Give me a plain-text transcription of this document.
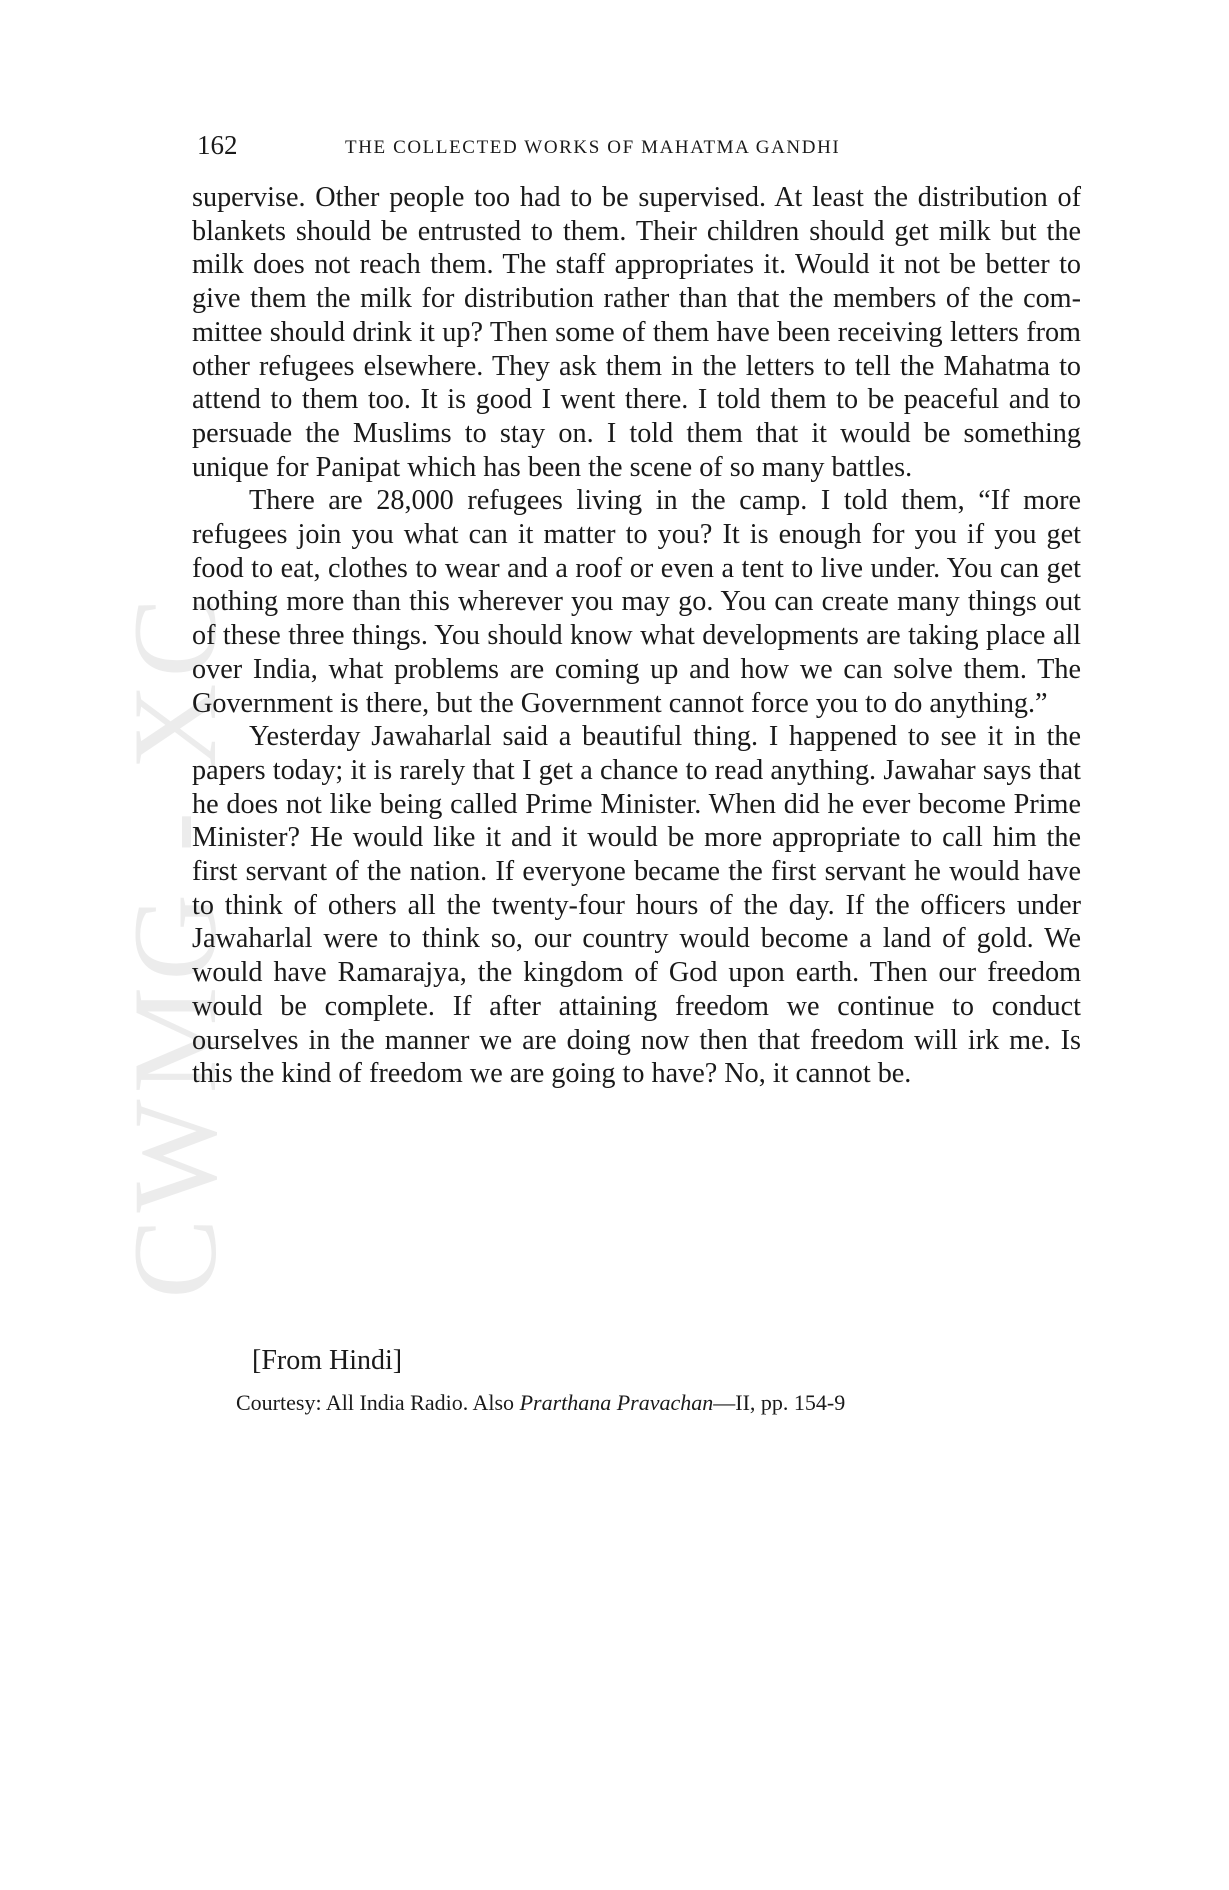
CWMG - XC
162	THE COLLECTED WORKS OF MAHATMA GANDHI

supervise. Other people too had to be supervised. At least the distribution of blankets should be entrusted to them. Their children should get milk but the milk does not reach them. The staff appropriates it. Would it not be better to give them the milk for distribution rather than that the members of the committee should drink it up? Then some of them have been receiving letters from other refugees elsewhere. They ask them in the letters to tell the Mahatma to attend to them too. It is good I went there. I told them to be peaceful and to persuade the Muslims to stay on. I told them that it would be something unique for Panipat which has been the scene of so many battles.

There are 28,000 refugees living in the camp. I told them, “If more refugees join you what can it matter to you? It is enough for you if you get food to eat, clothes to wear and a roof or even a tent to live under. You can get nothing more than this wherever you may go. You can create many things out of these three things. You should know what developments are taking place all over India, what problems are coming up and how we can solve them. The Government is there, but the Government cannot force you to do anything.”

Yesterday Jawaharlal said a beautiful thing. I happened to see it in the papers today; it is rarely that I get a chance to read anything. Jawahar says that he does not like being called Prime Minister. When did he ever become Prime Minister? He would like it and it would be more appropriate to call him the first servant of the nation. If everyone became the first servant he would have to think of others all the twenty-four hours of the day. If the officers under Jawaharlal were to think so, our country would become a land of gold. We would have Ramarajya, the kingdom of God upon earth. Then our freedom would be complete. If after attaining freedom we continue to conduct ourselves in the manner we are doing now then that freedom will irk me. Is this the kind of freedom we are going to have? No, it cannot be.

[From Hindi]
Courtesy: All India Radio. Also Prarthana Pravachan—II, pp. 154-9
